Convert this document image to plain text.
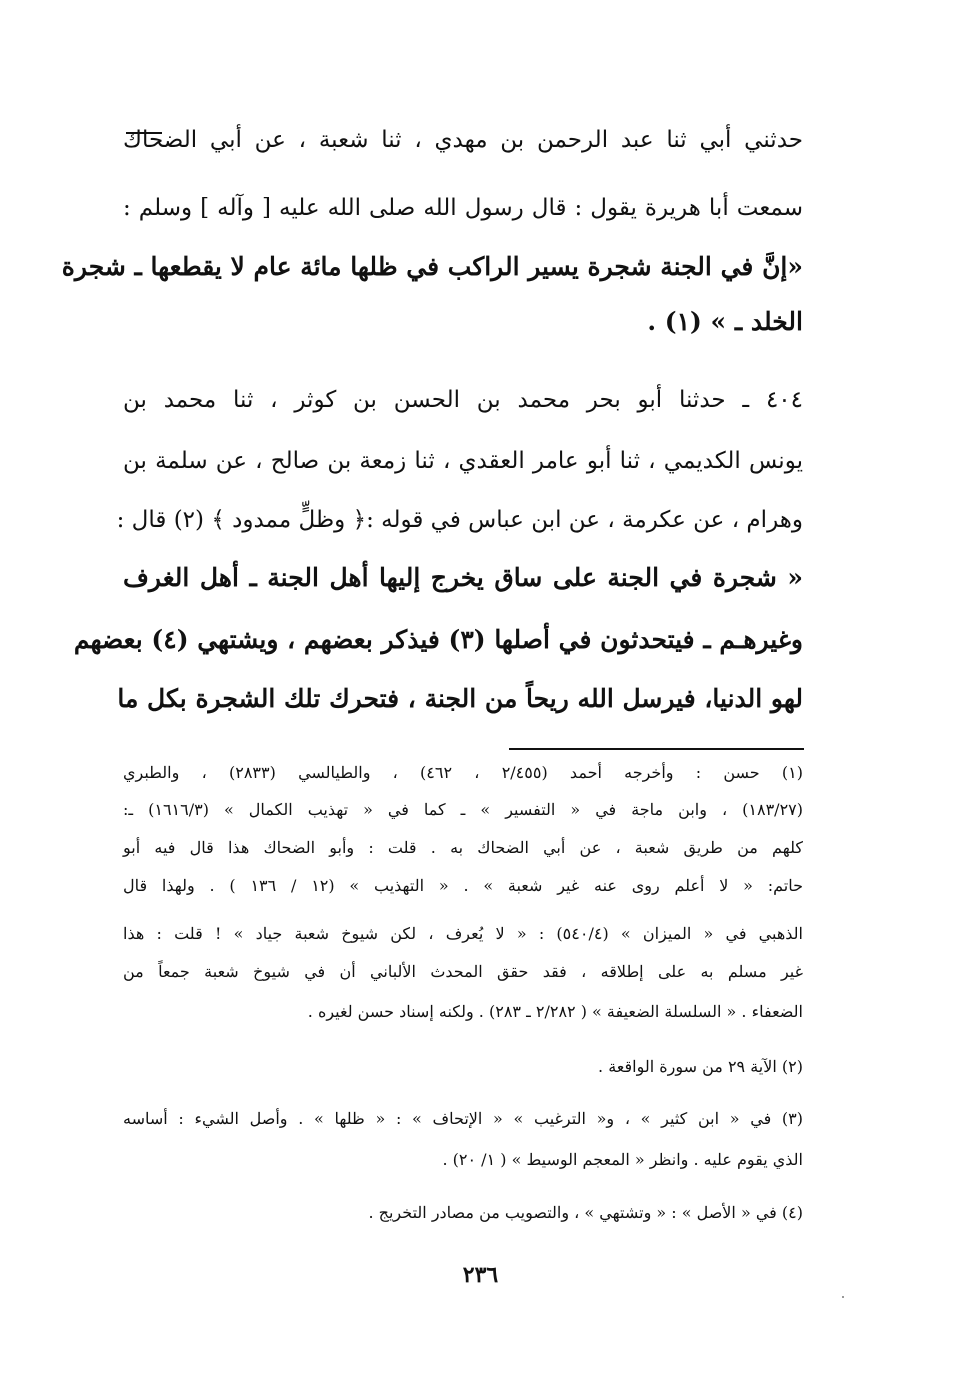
حدثني أبي ثنا عبد الرحمن بن مهدي ، ثنا شعبة ، عن أبي الضحاك
سمعت أبا هريرة يقول : قال رسول الله صلى الله عليه [ وآله ] وسلم :
«إنَّ في الجنة شجرة يسير الراكب في ظلها مائة عام لا يقطعها ـ شجرة
الخلد ـ » (١) .
٤٠٤ ـ حدثنا أبو بحر محمد بن الحسن بن كوثر ، ثنا محمد بن
يونس الكديمي ، ثنا أبو عامر العقدي ، ثنا زمعة بن صالح ، عن سلمة بن
وهرام ، عن عكرمة ، عن ابن عباس في قوله :﴿ وظلٍّ ممدود ﴾ (٢) قال :
« شجرة في الجنة على ساق يخرج إليها أهل الجنة ـ أهل الغرف
وغيرهـم ـ فيتحدثون في أصلها (٣) فيذكر بعضهم ، ويشتهي (٤) بعضهم
لهو الدنيا، فيرسل الله ريحاً من الجنة ، فتحرك تلك الشجرة بكل ما
(١) حسن : وأخرجه أحمد (٢/٤٥٥ ، ٤٦٢) ، والطيالسي (٢٨٣٣) ، والطبري
(١٨٣/٢٧) ، وابن ماجة في « التفسير » ـ كما في « تهذيب الكمال » (١٦١٦/٣) ـ:
كلهم من طريق شعبة ، عن أبي الضحاك به . قلت : وأبو الضحاك هذا قال فيه أبو
حاتم: « لا أعلم روى عنه غير شعبة » . « التهذيب » (١٢ / ١٣٦ ) . ولهذا قال
الذهبي في « الميزان » (٥٤٠/٤) : « لا يُعرف ، لكن شيوخ شعبة جياد » ! قلت : هذا
غير مسلم به على إطلاقه ، فقد حقق المحدث الألباني أن في شيوخ شعبة جمعاً من
الضعفاء . « السلسلة الضعيفة » ( ٢/٢٨٢ ـ ٢٨٣) . ولكنه إسناد حسن لغيره .
(٢) الآية ٢٩ من سورة الواقعة .
(٣) في « ابن كثير » ، و« الترغيب » « الإتحاف » : « ظلها » . وأصل الشيء : أساسه
الذي يقوم عليه . وانظر « المعجم الوسيط » ( ١/ ٢٠) .
(٤) في « الأصل » : « وتشتهي » ، والتصويب من مصادر التخريج .
٢٣٦
